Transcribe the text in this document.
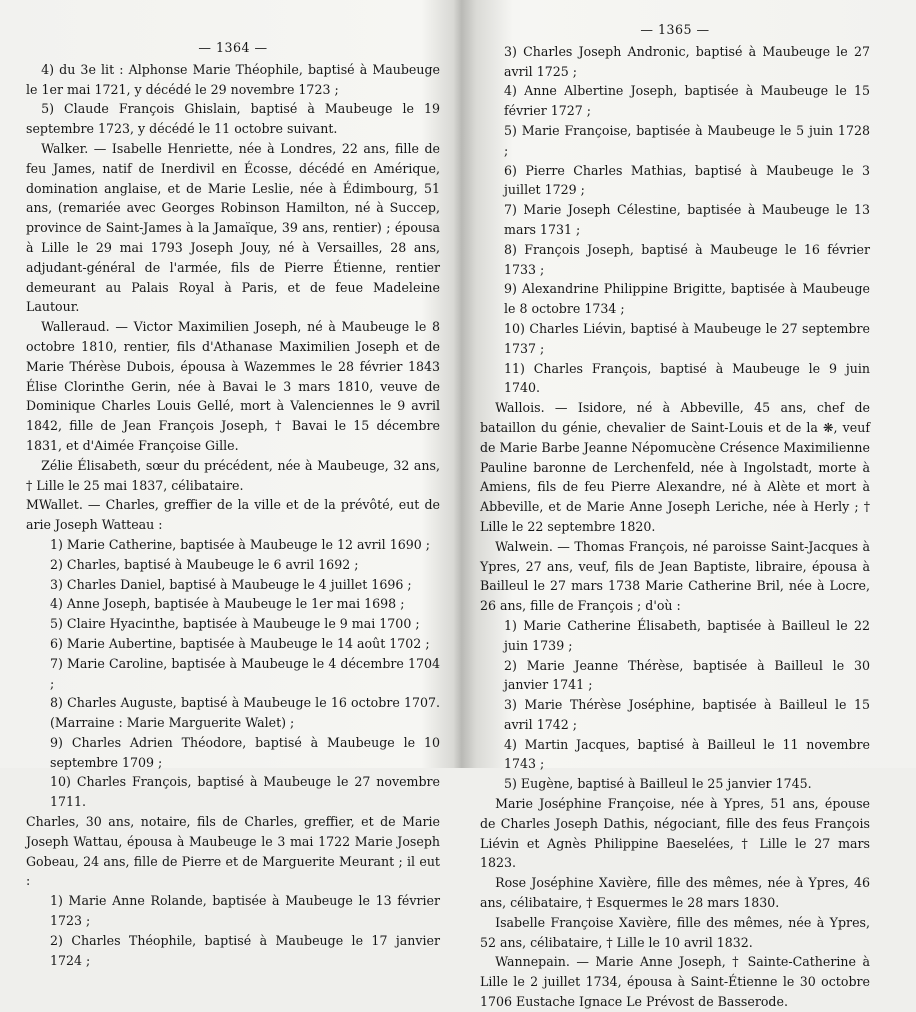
— 1364 —

4) du 3e lit : Alphonse Marie Théophile, baptisé à Maubeuge le 1er mai 1721, y décédé le 29 novembre 1723 ;

5) Claude François Ghislain, baptisé à Maubeuge le 19 septembre 1723, y décédé le 11 octobre suivant.

Walker. — Isabelle Henriette, née à Londres, 22 ans, fille de feu James, natif de Inerdivil en Écosse, décédé en Amérique, domination anglaise, et de Marie Leslie, née à Édimbourg, 51 ans, (remariée avec Georges Robinson Hamilton, né à Succep, province de Saint-James à la Jamaïque, 39 ans, rentier) ; épousa à Lille le 29 mai 1793 Joseph Jouy, né à Versailles, 28 ans, adjudant-général de l'armée, fils de Pierre Étienne, rentier demeurant au Palais Royal à Paris, et de feue Madeleine Lautour.

Walleraud. — Victor Maximilien Joseph, né à Maubeuge le 8 octobre 1810, rentier, fils d'Athanase Maximilien Joseph et de Marie Thérèse Dubois, épousa à Wazemmes le 28 février 1843 Élise Clorinthe Gerin, née à Bavai le 3 mars 1810, veuve de Dominique Charles Louis Gellé, mort à Valenciennes le 9 avril 1842, fille de Jean François Joseph, † Bavai le 15 décembre 1831, et d'Aimée Françoise Gille.

Zélie Élisabeth, sœur du précédent, née à Maubeuge, 32 ans, † Lille le 25 mai 1837, célibataire.

MWallet. — Charles, greffier de la ville et de la prévôté, eut de arie Joseph Watteau :

1) Marie Catherine, baptisée à Maubeuge le 12 avril 1690 ;

2) Charles, baptisé à Maubeuge le 6 avril 1692 ;

3) Charles Daniel, baptisé à Maubeuge le 4 juillet 1696 ;

4) Anne Joseph, baptisée à Maubeuge le 1er mai 1698 ;

5) Claire Hyacinthe, baptisée à Maubeuge le 9 mai 1700 ;

6) Marie Aubertine, baptisée à Maubeuge le 14 août 1702 ;

7) Marie Caroline, baptisée à Maubeuge le 4 décembre 1704 ;

8) Charles Auguste, baptisé à Maubeuge le 16 octobre 1707. (Marraine : Marie Marguerite Walet) ;

9) Charles Adrien Théodore, baptisé à Maubeuge le 10 septembre 1709 ;

10) Charles François, baptisé à Maubeuge le 27 novembre 1711.

Charles, 30 ans, notaire, fils de Charles, greffier, et de Marie Joseph Wattau, épousa à Maubeuge le 3 mai 1722 Marie Joseph Gobeau, 24 ans, fille de Pierre et de Marguerite Meurant ; il eut :

1) Marie Anne Rolande, baptisée à Maubeuge le 13 février 1723 ;

2) Charles Théophile, baptisé à Maubeuge le 17 janvier 1724 ;

— 1365 —

3) Charles Joseph Andronic, baptisé à Maubeuge le 27 avril 1725 ;

4) Anne Albertine Joseph, baptisée à Maubeuge le 15 février 1727 ;

5) Marie Françoise, baptisée à Maubeuge le 5 juin 1728 ;

6) Pierre Charles Mathias, baptisé à Maubeuge le 3 juillet 1729 ;

7) Marie Joseph Célestine, baptisée à Maubeuge le 13 mars 1731 ;

8) François Joseph, baptisé à Maubeuge le 16 février 1733 ;

9) Alexandrine Philippine Brigitte, baptisée à Maubeuge le 8 octobre 1734 ;

10) Charles Liévin, baptisé à Maubeuge le 27 septembre 1737 ;

11) Charles François, baptisé à Maubeuge le 9 juin 1740.

Wallois. — Isidore, né à Abbeville, 45 ans, chef de bataillon du génie, chevalier de Saint-Louis et de la ❋, veuf de Marie Barbe Jeanne Népomucène Crésence Maximilienne Pauline baronne de Lerchenfeld, née à Ingolstadt, morte à Amiens, fils de feu Pierre Alexandre, né à Alète et mort à Abbeville, et de Marie Anne Joseph Leriche, née à Herly ; † Lille le 22 septembre 1820.

Walwein. — Thomas François, né paroisse Saint-Jacques à Ypres, 27 ans, veuf, fils de Jean Baptiste, libraire, épousa à Bailleul le 27 mars 1738 Marie Catherine Bril, née à Locre, 26 ans, fille de François ; d'où :

1) Marie Catherine Élisabeth, baptisée à Bailleul le 22 juin 1739 ;

2) Marie Jeanne Thérèse, baptisée à Bailleul le 30 janvier 1741 ;

3) Marie Thérèse Joséphine, baptisée à Bailleul le 15 avril 1742 ;

4) Martin Jacques, baptisé à Bailleul le 11 novembre 1743 ;

5) Eugène, baptisé à Bailleul le 25 janvier 1745.

Marie Joséphine Françoise, née à Ypres, 51 ans, épouse de Charles Joseph Dathis, négociant, fille des feus François Liévin et Agnès Philippine Baeselées, † Lille le 27 mars 1823.

Rose Joséphine Xavière, fille des mêmes, née à Ypres, 46 ans, célibataire, † Esquermes le 28 mars 1830.

Isabelle Françoise Xavière, fille des mêmes, née à Ypres, 52 ans, célibataire, † Lille le 10 avril 1832.

Wannepain. — Marie Anne Joseph, † Sainte-Catherine à Lille le 2 juillet 1734, épousa à Saint-Étienne le 30 octobre 1706 Eustache Ignace Le Prévost de Basserode.
